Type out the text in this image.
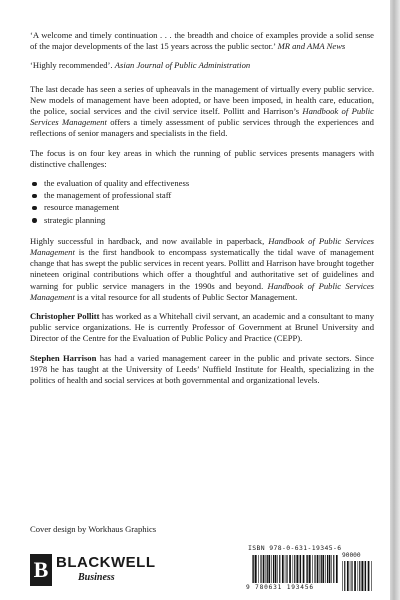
‘A welcome and timely continuation . . . the breadth and choice of examples provide a solid sense of the major developments of the last 15 years across the public sector.’ MR and AMA News

‘Highly recommended’. Asian Journal of Public Administration

The last decade has seen a series of upheavals in the management of virtually every public service. New models of management have been adopted, or have been imposed, in health care, education, the police, social services and the civil service itself. Pollitt and Harrison’s Handbook of Public Services Management offers a timely assessment of public services through the experiences and reflections of senior managers and specialists in the field.

The focus is on four key areas in which the running of public services presents managers with distinctive challenges:

the evaluation of quality and effectiveness
the management of professional staff
resource management
strategic planning

Highly successful in hardback, and now available in paperback, Handbook of Public Services Management is the first handbook to encompass systematically the tidal wave of management change that has swept the public services in recent years. Pollitt and Harrison have brought together nineteen original contributions which offer a thoughtful and authoritative set of guidelines and warning for public service managers in the 1990s and beyond. Handbook of Public Services Management is a vital resource for all students of Public Sector Management.

Christopher Pollitt has worked as a Whitehall civil servant, an academic and a consultant to many public service organizations. He is currently Professor of Government at Brunel University and Director of the Centre for the Evaluation of Public Policy and Practice (CEPP).

Stephen Harrison has had a varied management career in the public and private sectors. Since 1978 he has taught at the University of Leeds’ Nuffield Institute for Health, specializing in the politics of health and social services at both governmental and organizational levels.

Cover design by Workhaus Graphics
B BLACKWELL
Business
ISBN 978-0-631-19345-6
9 780631 193456
90000
